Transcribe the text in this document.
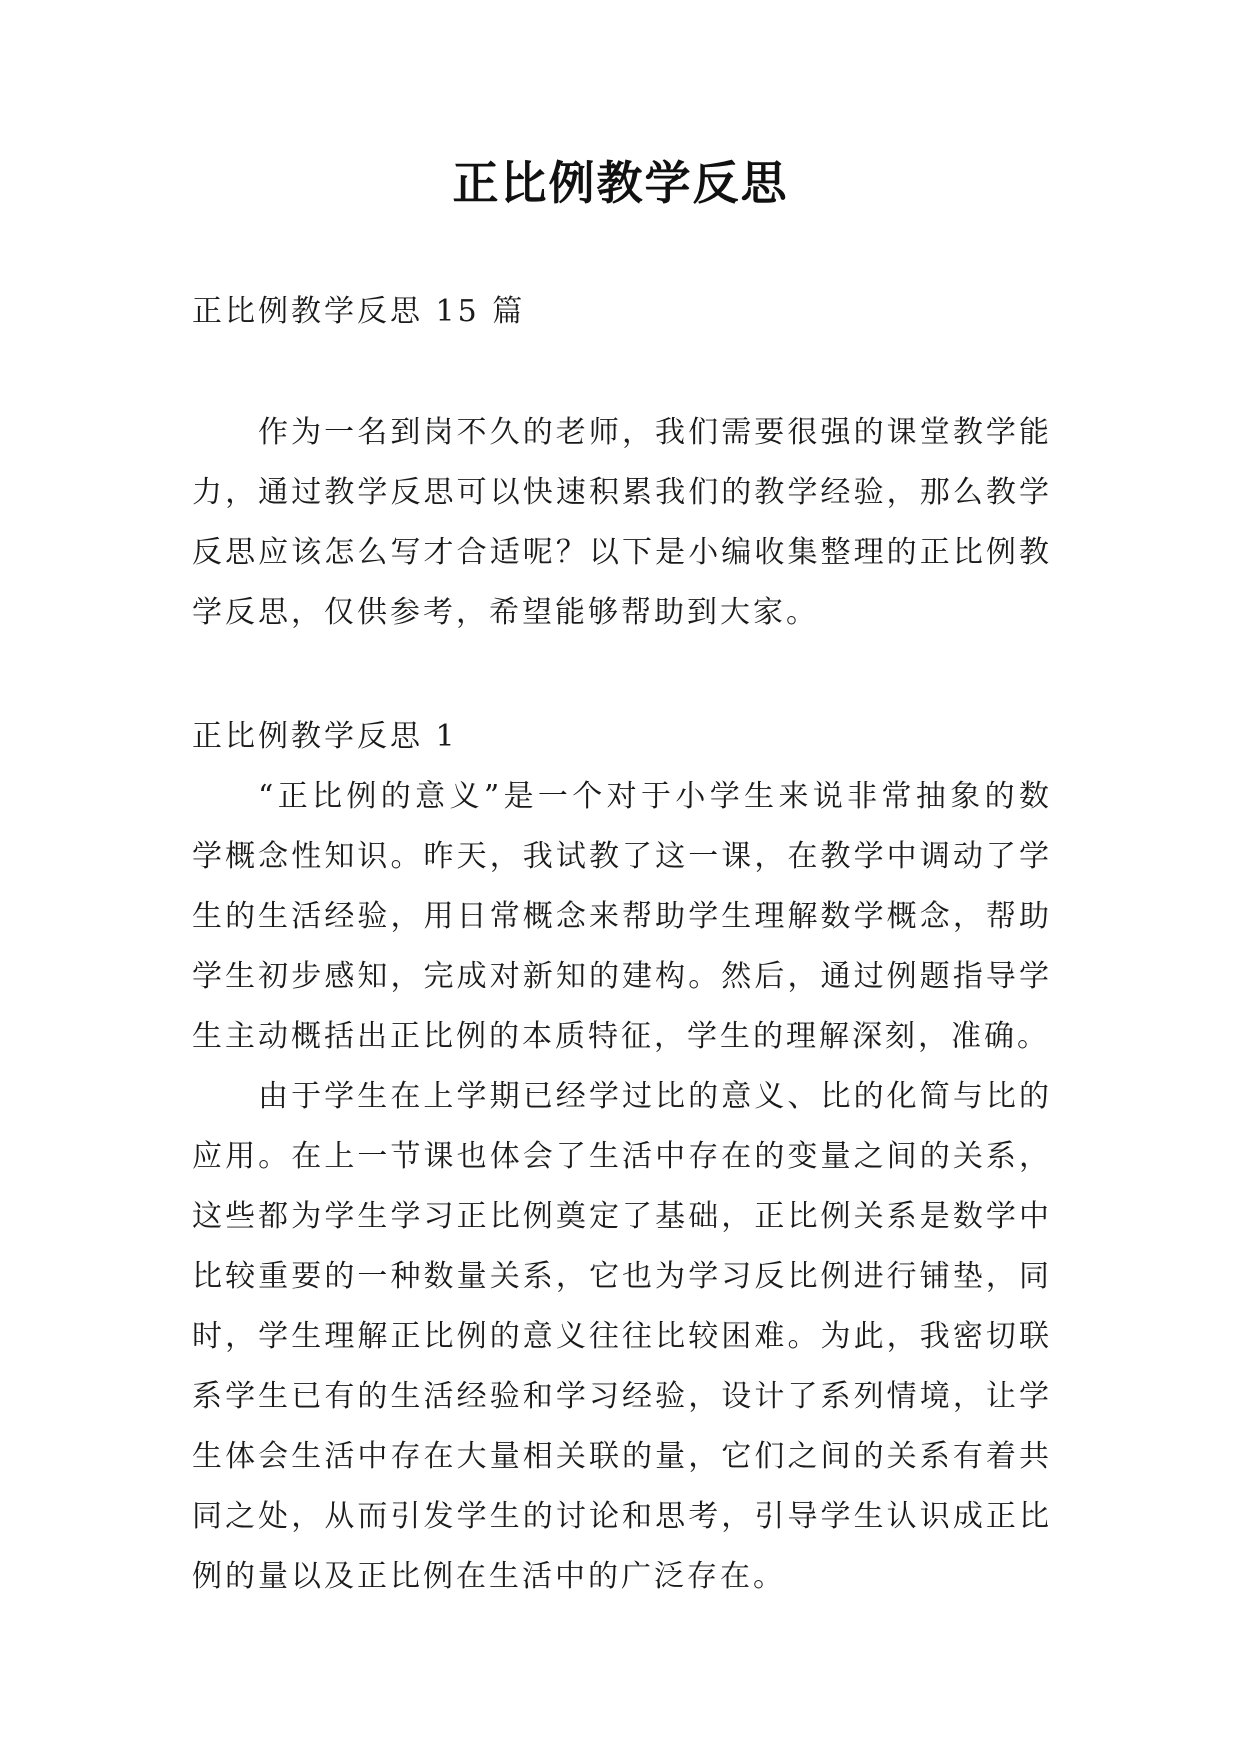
正比例教学反思
正比例教学反思 15 篇

作为一名到岗不久的老师，我们需要很强的课堂教学能力，通过教学反思可以快速积累我们的教学经验，那么教学反思应该怎么写才合适呢？以下是小编收集整理的正比例教学反思，仅供参考，希望能够帮助到大家。

正比例教学反思 1

“正比例的意义”是一个对于小学生来说非常抽象的数学概念性知识。昨天，我试教了这一课，在教学中调动了学生的生活经验，用日常概念来帮助学生理解数学概念，帮助学生初步感知，完成对新知的建构。然后，通过例题指导学生主动概括出正比例的本质特征，学生的理解深刻，准确。

由于学生在上学期已经学过比的意义、比的化简与比的应用。在上一节课也体会了生活中存在的变量之间的关系，这些都为学生学习正比例奠定了基础，正比例关系是数学中比较重要的一种数量关系，它也为学习反比例进行铺垫，同时，学生理解正比例的意义往往比较困难。为此，我密切联系学生已有的生活经验和学习经验，设计了系列情境，让学生体会生活中存在大量相关联的量，它们之间的关系有着共同之处，从而引发学生的讨论和思考，引导学生认识成正比例的量以及正比例在生活中的广泛存在。
